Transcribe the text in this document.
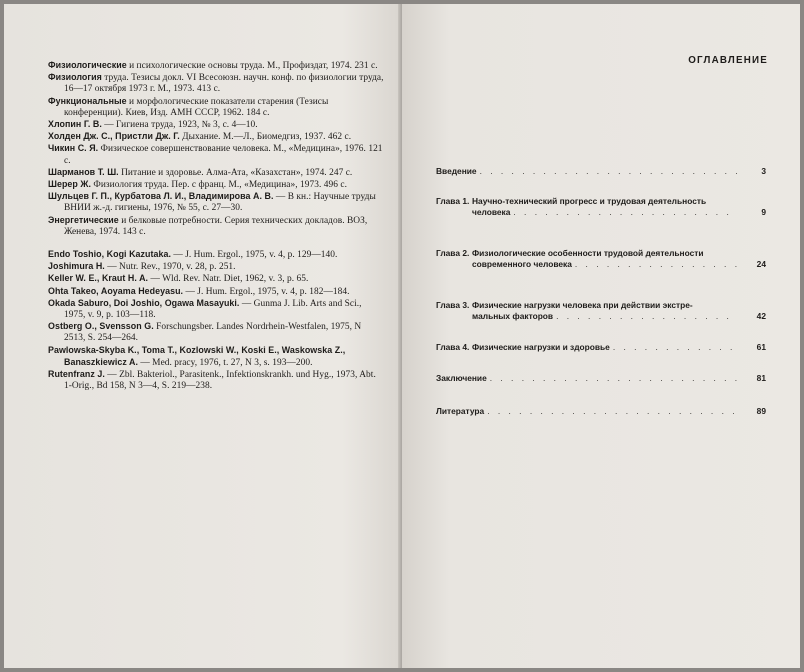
Физиологические и психологические основы труда. М., Профиздат, 1974. 231 с.

Физиология труда. Тезисы докл. VI Всесоюзн. научн. конф. по физиологии труда, 16—17 октября 1973 г. М., 1973. 413 с.

Функциональные и морфологические показатели старения (Тезисы конференции). Киев, Изд. АМН СССР, 1962. 184 с.

Хлопин Г. В. — Гигиена труда, 1923, № 3, с. 4—10.

Холден Дж. С., Пристли Дж. Г. Дыхание. М.—Л., Биомедгиз, 1937. 462 с.

Чикин С. Я. Физическое совершенствование человека. М., «Медицина», 1976. 121 с.

Шарманов Т. Ш. Питание и здоровье. Алма-Ата, «Казахстан», 1974. 247 с.

Шерер Ж. Физиология труда. Пер. с франц. М., «Медицина», 1973. 496 с.

Шульцев Г. П., Курбатова Л. И., Владимирова А. В. — В кн.: Научные труды ВНИИ ж.-д. гигиены, 1976, № 55, с. 27—30.

Энергетические и белковые потребности. Серия технических докладов. ВОЗ, Женева, 1974. 143 с.

Endo Toshio, Kogi Kazutaka. — J. Hum. Ergol., 1975, v. 4, p. 129—140.

Joshimura H. — Nutr. Rev., 1970, v. 28, p. 251.

Keller W. E., Kraut H. A. — Wld. Rev. Natr. Diet, 1962, v. 3, p. 65.

Ohta Takeo, Aoyama Hedeyasu. — J. Hum. Ergol., 1975, v. 4, p. 182—184.

Okada Saburo, Doi Joshio, Ogawa Masayuki. — Gunma J. Lib. Arts and Sci., 1975, v. 9, p. 103—118.

Ostberg O., Svensson G. Forschungsber. Landes Nordrhein-Westfalen, 1975, N 2513, S. 254—264.

Pawlowska-Skyba K., Toma T., Kozlowski W., Koski E., Waskowska Z., Banaszkiewicz A. — Med. pracy, 1976, t. 27, N 3, s. 193—200.

Rutenfranz J. — Zbl. Bakteriol., Parasitenk., Infektionskrankh. und Hyg., 1973, Abt. 1-Orig., Bd 158, N 3—4, S. 219—238.

ОГЛАВЛЕНИЕ
Введение . . .	3
Глава 1. Научно-технический прогресс и трудовая деятельность
человека . . .	9
Глава 2. Физиологические особенности трудовой деятельности
современного человека . . .	24
Глава 3. Физические нагрузки человека при действии экстре-
мальных факторов . . .	42
Глава 4. Физические нагрузки и здоровье . . .	61
Заключение . . .	81
Литература . . .	89
